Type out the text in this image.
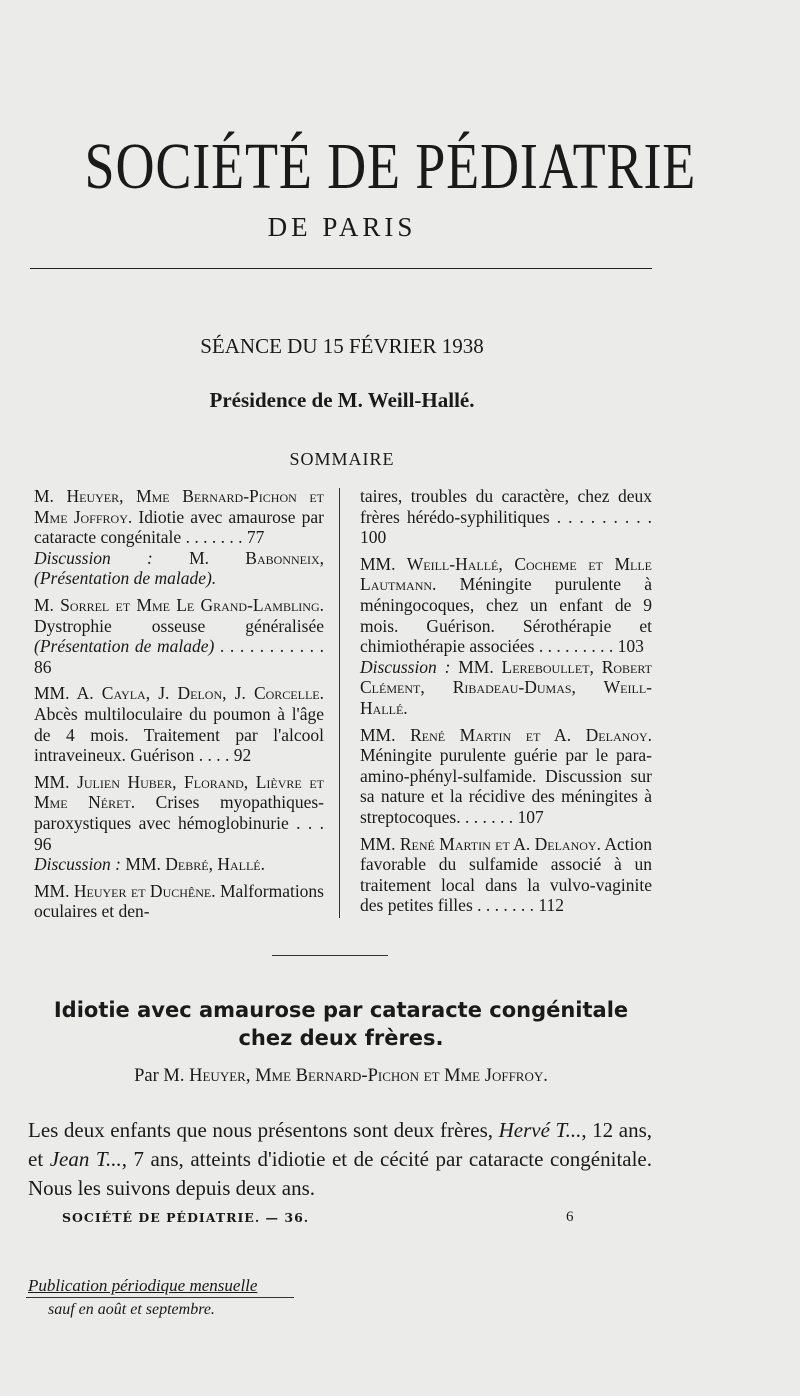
SOCIÉTÉ DE PÉDIATRIE
DE PARIS
SÉANCE DU 15 FÉVRIER 1938
Présidence de M. Weill-Hallé.
SOMMAIRE

M. Heuyer, Mme Bernard-Pichon et Mme Joffroy. Idiotie avec amaurose par cataracte congénitale . . . . . . . 77
Discussion : M. Babonneix, (Présentation de malade).

M. Sorrel et Mme Le Grand-Lambling. Dystrophie osseuse généralisée (Présentation de malade) . . . . . . . . . . . 86

MM. A. Cayla, J. Delon, J. Corcelle. Abcès multiloculaire du poumon à l'âge de 4 mois. Traitement par l'alcool intraveineux. Guérison . . . . 92

MM. Julien Huber, Florand, Lièvre et Mme Néret. Crises myopathiques-paroxystiques avec hémoglobinurie . . . 96
Discussion : MM. Debré, Hallé.

MM. Heuyer et Duchêne. Malformations oculaires et den-

taires, troubles du caractère, chez deux frères hérédo-syphilitiques . . . . . . . . . 100

MM. Weill-Hallé, Cocheme et Mlle Lautmann. Méningite purulente à méningocoques, chez un enfant de 9 mois. Guérison. Sérothérapie et chimiothérapie associées . . . . . . . . . 103
Discussion : MM. Lereboullet, Robert Clément, Ribadeau-Dumas, Weill-Hallé.

MM. René Martin et A. Delanoy. Méningite purulente guérie par le para-amino-phényl-sulfamide. Discussion sur sa nature et la récidive des méningites à streptocoques. . . . . . . 107

MM. René Martin et A. Delanoy. Action favorable du sulfamide associé à un traitement local dans la vulvo-vaginite des petites filles . . . . . . . 112

Idiotie avec amaurose par cataracte congénitale
chez deux frères.
Par M. Heuyer, Mme Bernard-Pichon et Mme Joffroy.
Les deux enfants que nous présentons sont deux frères, Hervé T..., 12 ans, et Jean T..., 7 ans, atteints d'idiotie et de cécité par cataracte congénitale. Nous les suivons depuis deux ans.
SOCIÉTÉ DE PÉDIATRIE. — 36.	6
Publication périodique mensuelle
sauf en août et septembre.
